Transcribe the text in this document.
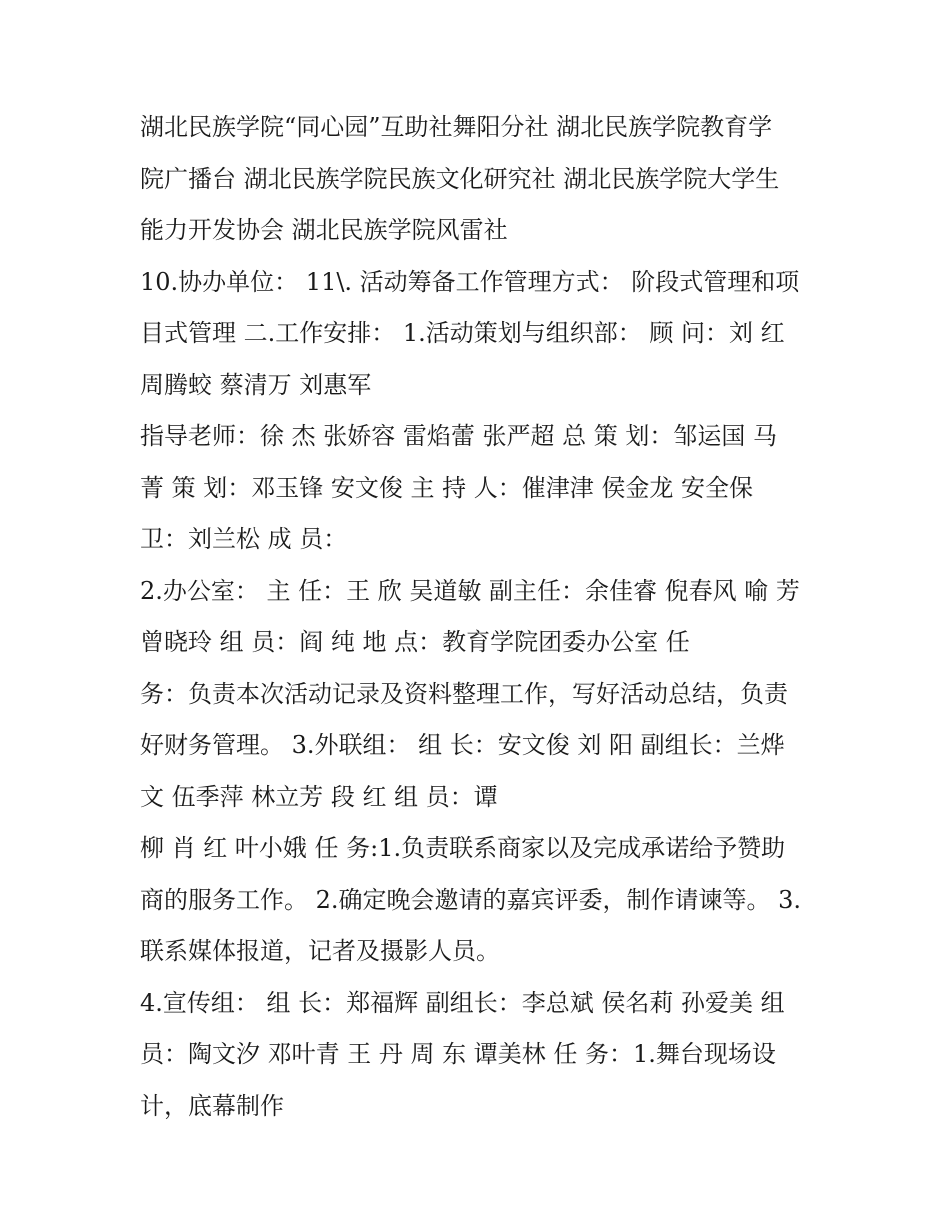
湖北民族学院“同心园”互助社舞阳分社 湖北民族学院教育学
院广播台 湖北民族学院民族文化研究社 湖北民族学院大学生
能力开发协会 湖北民族学院风雷社
10.协办单位： 11\. 活动筹备工作管理方式： 阶段式管理和项
目式管理 二.工作安排： 1.活动策划与组织部： 顾 问：刘 红
周腾蛟 蔡清万 刘惠军
指导老师：徐 杰 张娇容 雷焰蕾 张严超 总 策 划：邹运国 马
菁 策 划：邓玉锋 安文俊 主 持 人：催津津 侯金龙 安全保
卫：刘兰松 成 员：
2.办公室： 主 任：王 欣 吴道敏 副主任：余佳睿 倪春风 喻 芳
曾晓玲 组 员：阎 纯 地 点：教育学院团委办公室 任
务：负责本次活动记录及资料整理工作，写好活动总结，负责
好财务管理。 3.外联组： 组 长：安文俊 刘 阳 副组长：兰烨
文 伍季萍 林立芳 段 红 组 员：谭
柳 肖 红 叶小娥 任 务:1.负责联系商家以及完成承诺给予赞助
商的服务工作。 2.确定晚会邀请的嘉宾评委，制作请谏等。 3.
联系媒体报道，记者及摄影人员。
4.宣传组： 组 长：郑福辉 副组长：李总斌 侯名莉 孙爱美 组
员：陶文汐 邓叶青 王 丹 周 东 谭美林 任 务：1.舞台现场设
计，底幕制作
